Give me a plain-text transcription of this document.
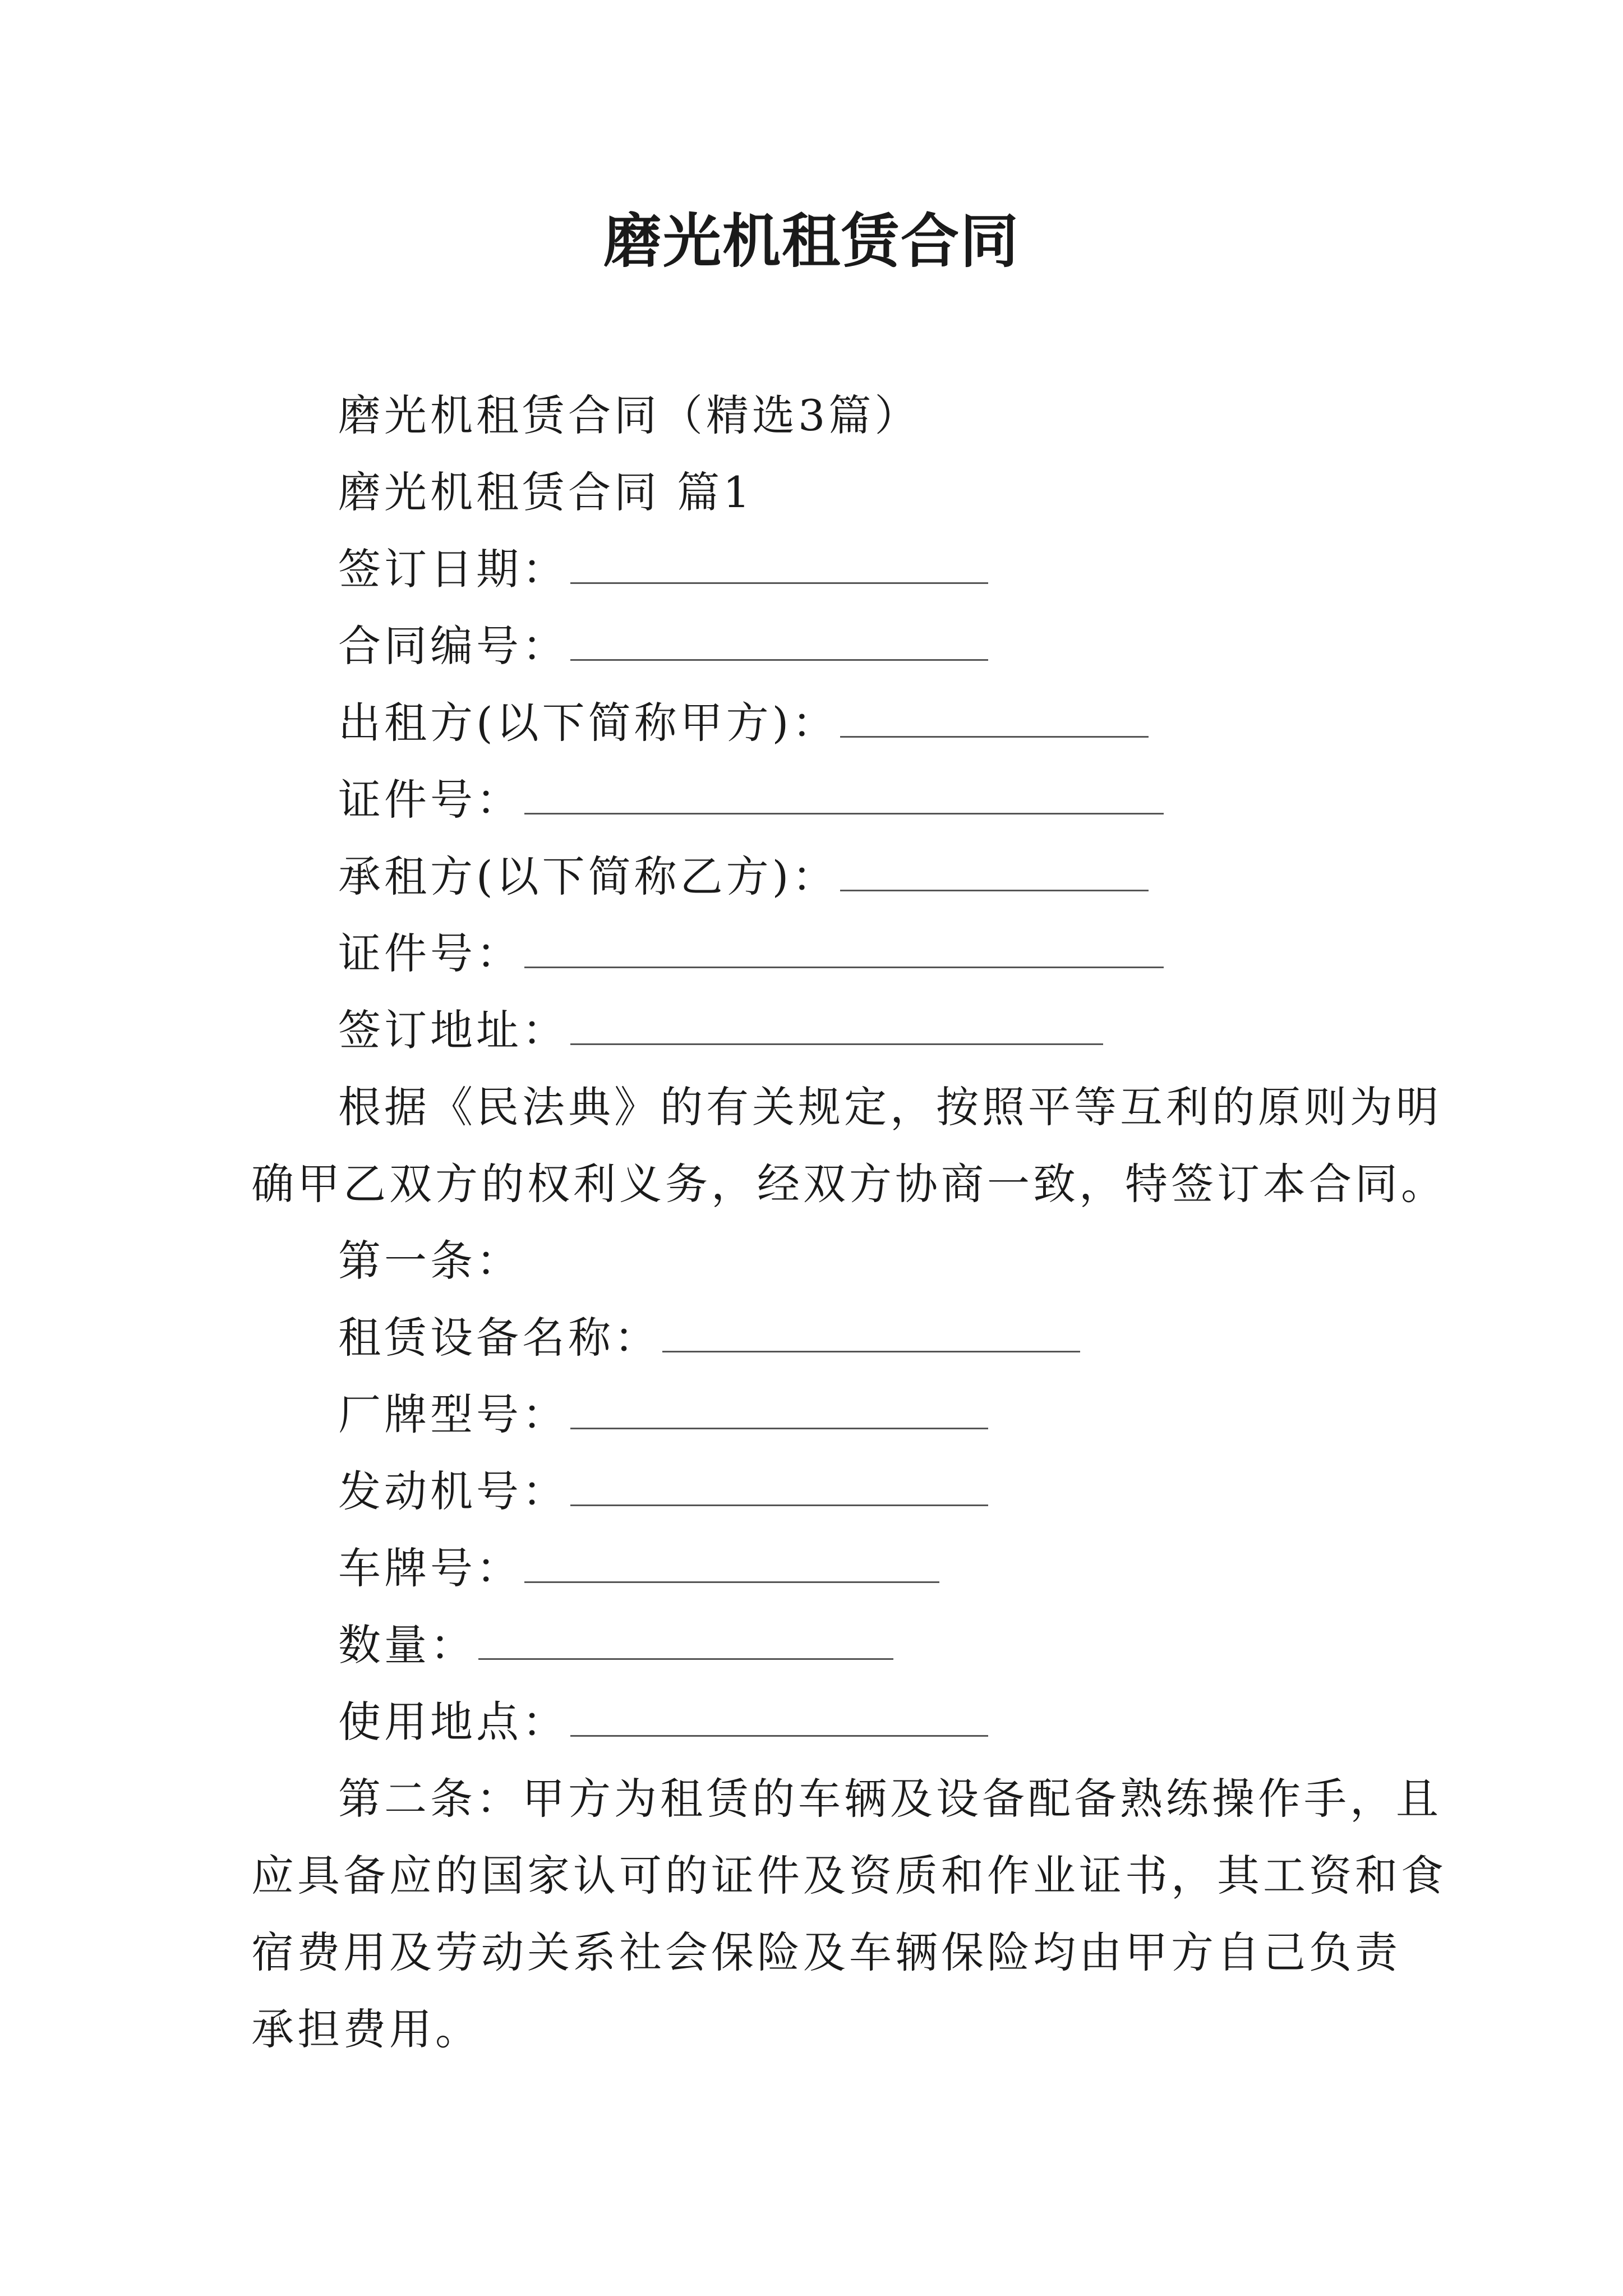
磨光机租赁合同
磨光机租赁合同（精选3篇）
磨光机租赁合同 篇1
签订日期：
合同编号：
出租方(以下简称甲方)：
证件号：
承租方(以下简称乙方)：
证件号：
签订地址：
根据《民法典》的有关规定，按照平等互利的原则为明
确甲乙双方的权利义务，经双方协商一致，特签订本合同。
第一条：
租赁设备名称：
厂牌型号：
发动机号：
车牌号：
数量：
使用地点：
第二条：甲方为租赁的车辆及设备配备熟练操作手，且
应具备应的国家认可的证件及资质和作业证书，其工资和食
宿费用及劳动关系社会保险及车辆保险均由甲方自己负责
承担费用。
